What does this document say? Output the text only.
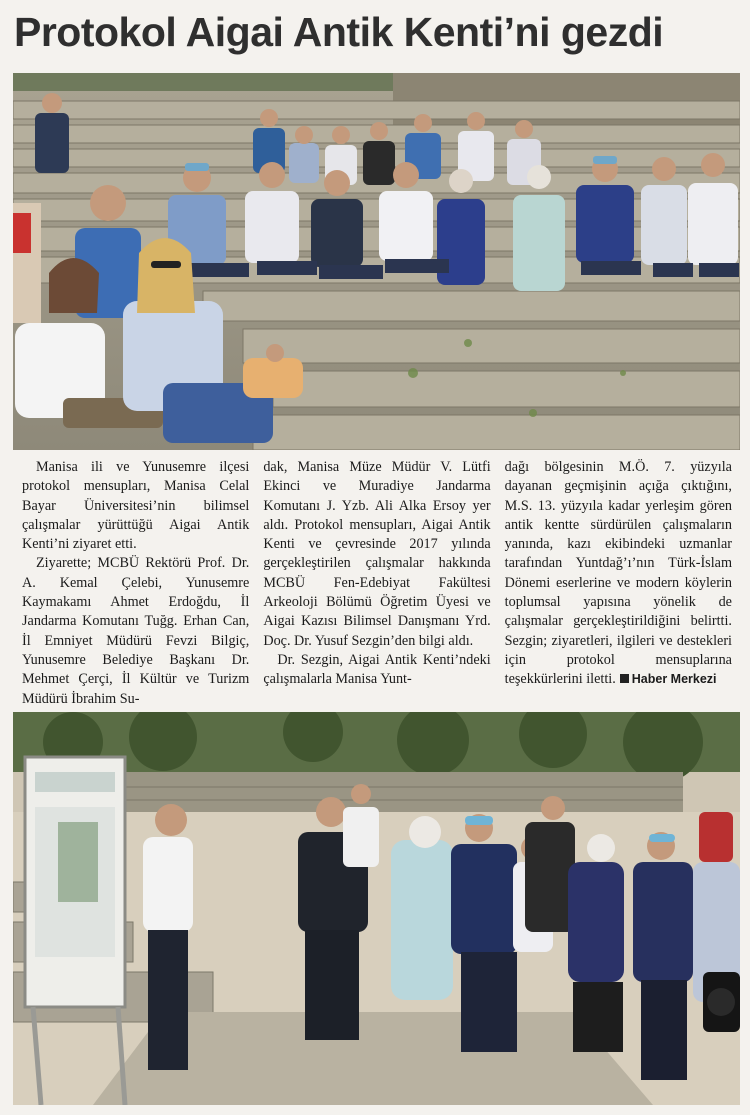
Protokol Aigai Antik Kenti’ni gezdi

Manisa ili ve Yunusemre ilçesi protokol mensupları, Manisa Celal Bayar Üniversitesi’nin bilimsel çalışmalar yürüttüğü Aigai Antik Kenti’ni ziyaret etti.

Ziyarette; MCBÜ Rektörü Prof. Dr. A. Kemal Çelebi, Yunusemre Kaymakamı Ahmet Erdoğdu, İl Jandarma Komutanı Tuğg. Erhan Can, İl Emniyet Müdürü Fevzi Bilgiç, Yunusemre Belediye Başkanı Dr. Mehmet Çerçi, İl Kültür ve Turizm Müdürü İbrahim Su-

dak, Manisa Müze Müdür V. Lütfi Ekinci ve Muradiye Jandarma Komutanı J. Yzb. Ali Alka Ersoy yer aldı. Protokol mensupları, Aigai Antik Kenti ve çevresinde 2017 yılında gerçekleştirilen çalışmalar hakkında MCBÜ Fen-Edebiyat Fakültesi Arkeoloji Bölümü Öğretim Üyesi ve Aigai Kazısı Bilimsel Danışmanı Yrd. Doç. Dr. Yusuf Sezgin’den bilgi aldı.

Dr. Sezgin, Aigai Antik Kenti’ndeki çalışmalarla Manisa Yunt-

dağı bölgesinin M.Ö. 7. yüzyıla dayanan geçmişinin açığa çıktığını, M.S. 13. yüzyıla kadar yerleşim gören antik kentte sürdürülen çalışmaların yanında, kazı ekibindeki uzmanlar tarafından Yuntdağ’ı’nın Türk-İslam Dönemi eserlerine ve modern köylerin toplumsal yapısına yönelik de çalışmalar gerçekleştirildiğini belirtti. Sezgin; ziyaretleri, ilgileri ve destekleri için protokol mensuplarına teşekkürlerini iletti. Haber Merkezi
